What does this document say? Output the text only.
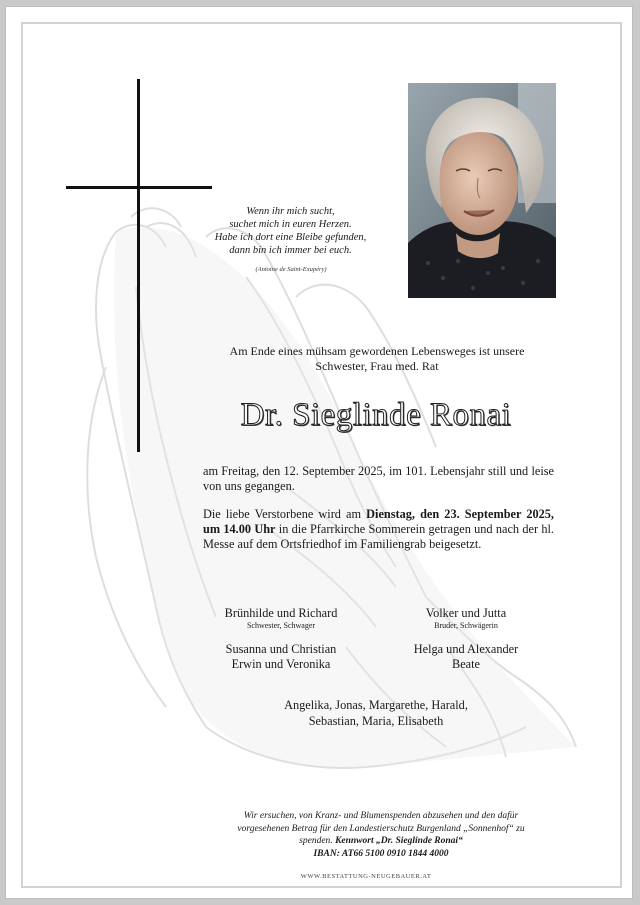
Wenn ihr mich sucht,
suchet mich in euren Herzen.
Habe ich dort eine Bleibe gefunden,
dann bin ich immer bei euch.
(Antoine de Saint-Exupéry)
Am Ende eines mühsam gewordenen Lebensweges ist unsere
Schwester, Frau med. Rat
Dr. Sieglinde Ronai
am Freitag, den 12. September 2025, im 101. Lebensjahr still und leise von uns gegangen.
Die liebe Verstorbene wird am Dienstag, den 23. September 2025, um 14.00 Uhr in die Pfarrkirche Sommerein getragen und nach der hl. Messe auf dem Ortsfriedhof im Familiengrab beigesetzt.
Brünhilde und Richard
Schwester, Schwager
Volker und Jutta
Bruder, Schwägerin
Susanna und Christian
Erwin und Veronika
Helga und Alexander
Beate
Angelika, Jonas, Margarethe, Harald,
Sebastian, Maria, Elisabeth
Wir ersuchen, von Kranz- und Blumenspenden abzusehen und den dafür
vorgesehenen Betrag für den Landestierschutz Burgenland „Sonnenhof“ zu
spenden. Kennwort „Dr. Sieglinde Ronai“
IBAN: AT66 5100 0910 1844 4000
WWW.BESTATTUNG-NEUGEBAUER.AT
